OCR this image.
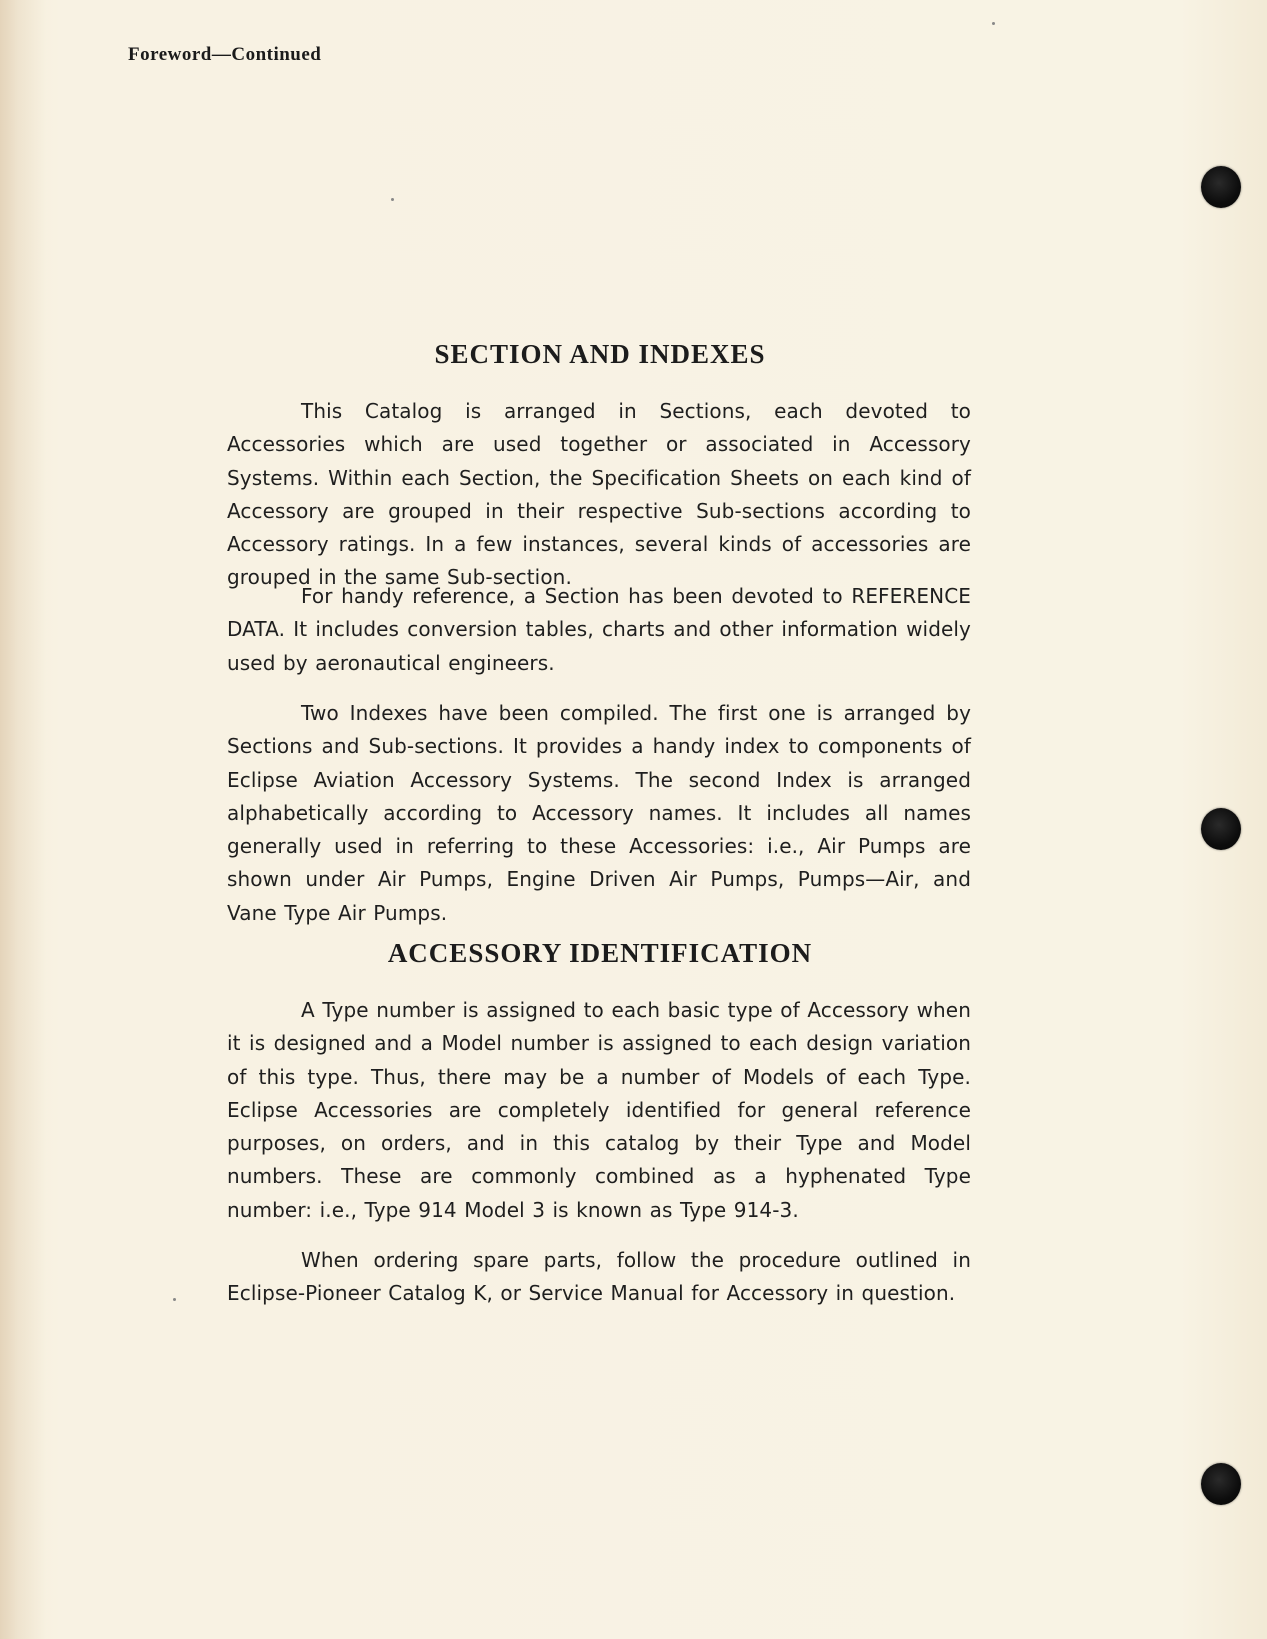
Foreword—Continued
SECTION AND INDEXES

This Catalog is arranged in Sections, each devoted to Accessories which are used together or associated in Accessory Systems. Within each Section, the Specification Sheets on each kind of Accessory are grouped in their respective Sub-sections according to Accessory ratings. In a few instances, several kinds of accessories are grouped in the same Sub-section.

For handy reference, a Section has been devoted to REFERENCE DATA. It includes conversion tables, charts and other information widely used by aeronautical engineers.

Two Indexes have been compiled. The first one is arranged by Sections and Sub-sections. It provides a handy index to components of Eclipse Aviation Accessory Systems. The second Index is arranged alphabetically according to Accessory names. It includes all names generally used in referring to these Accessories: i.e., Air Pumps are shown under Air Pumps, Engine Driven Air Pumps, Pumps—Air, and Vane Type Air Pumps.

ACCESSORY IDENTIFICATION

A Type number is assigned to each basic type of Accessory when it is designed and a Model number is assigned to each design variation of this type. Thus, there may be a number of Models of each Type. Eclipse Accessories are completely identified for general reference purposes, on orders, and in this catalog by their Type and Model numbers. These are commonly combined as a hyphenated Type number: i.e., Type 914 Model 3 is known as Type 914-3.

When ordering spare parts, follow the procedure outlined in Eclipse-Pioneer Catalog K, or Service Manual for Accessory in question.
